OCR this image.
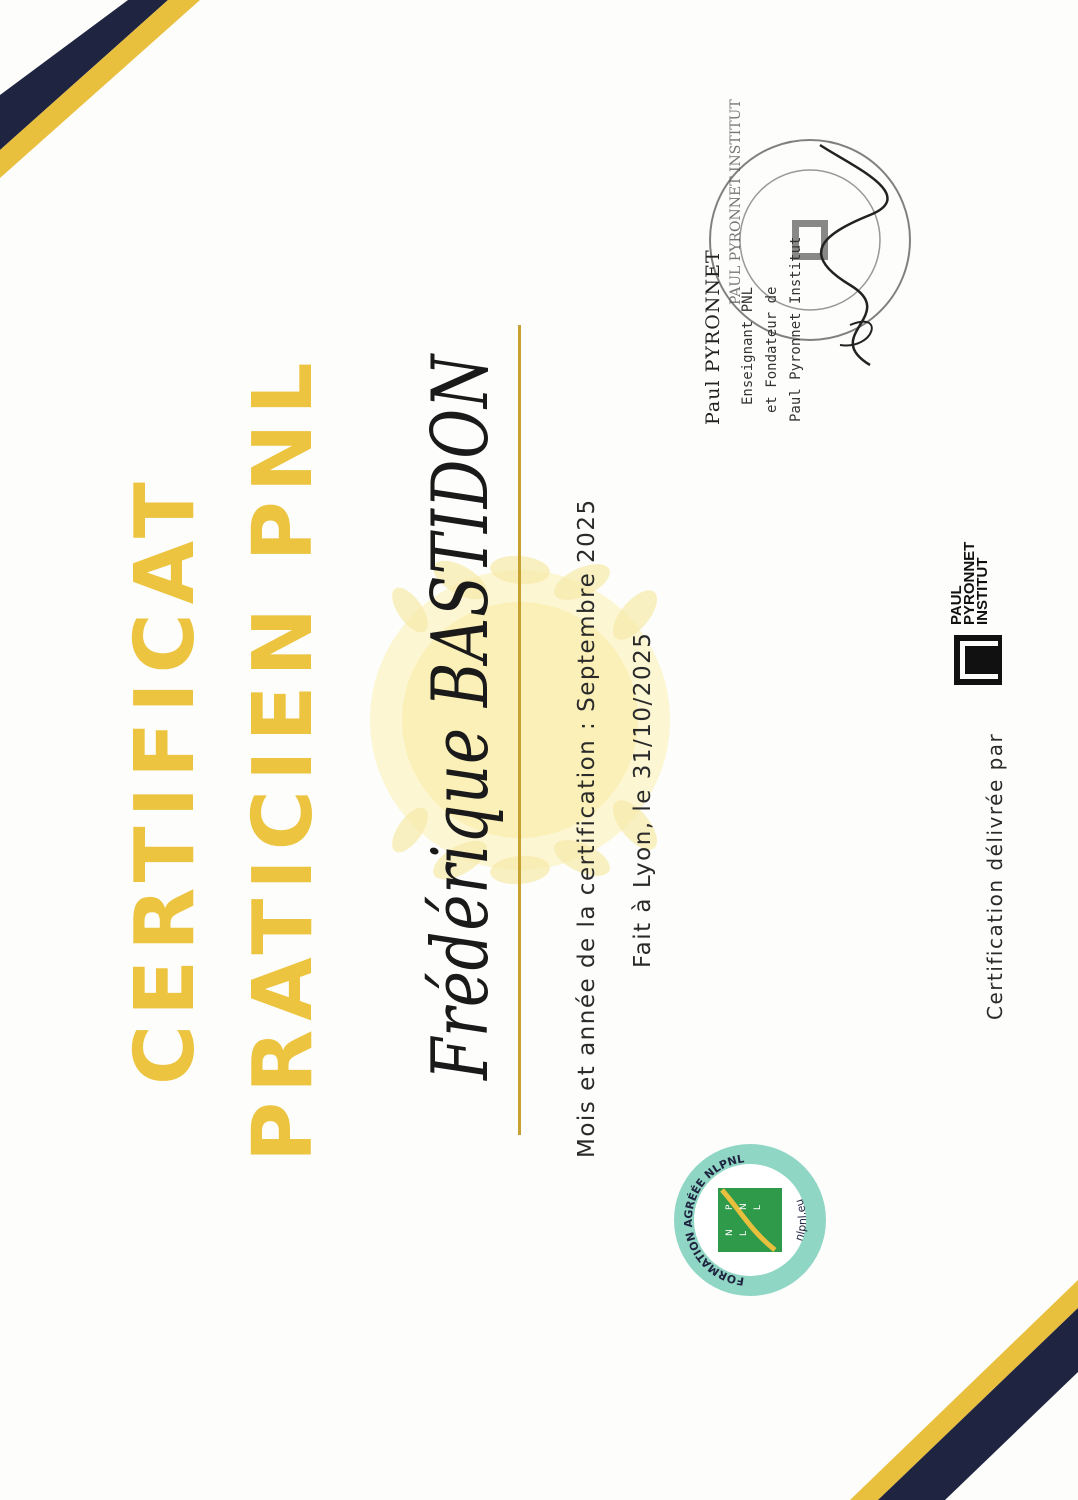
CERTIFICAT PRATICIEN PNL Frédérique BASTIDON	Mois et année de la certification : Septembre 2025 Fait à Lyon, le 31/10/2025	Certification délivrée par
PAUL
PYRONNET
INSTITUT
PAUL PYRONNET INSTITUT
Paul PYRONNET Enseignant PNL et Fondateur de Paul Pyronnet Institut
FORMATION AGRÉÉE NLPNL
N L
P N L
nlpnl.eu
